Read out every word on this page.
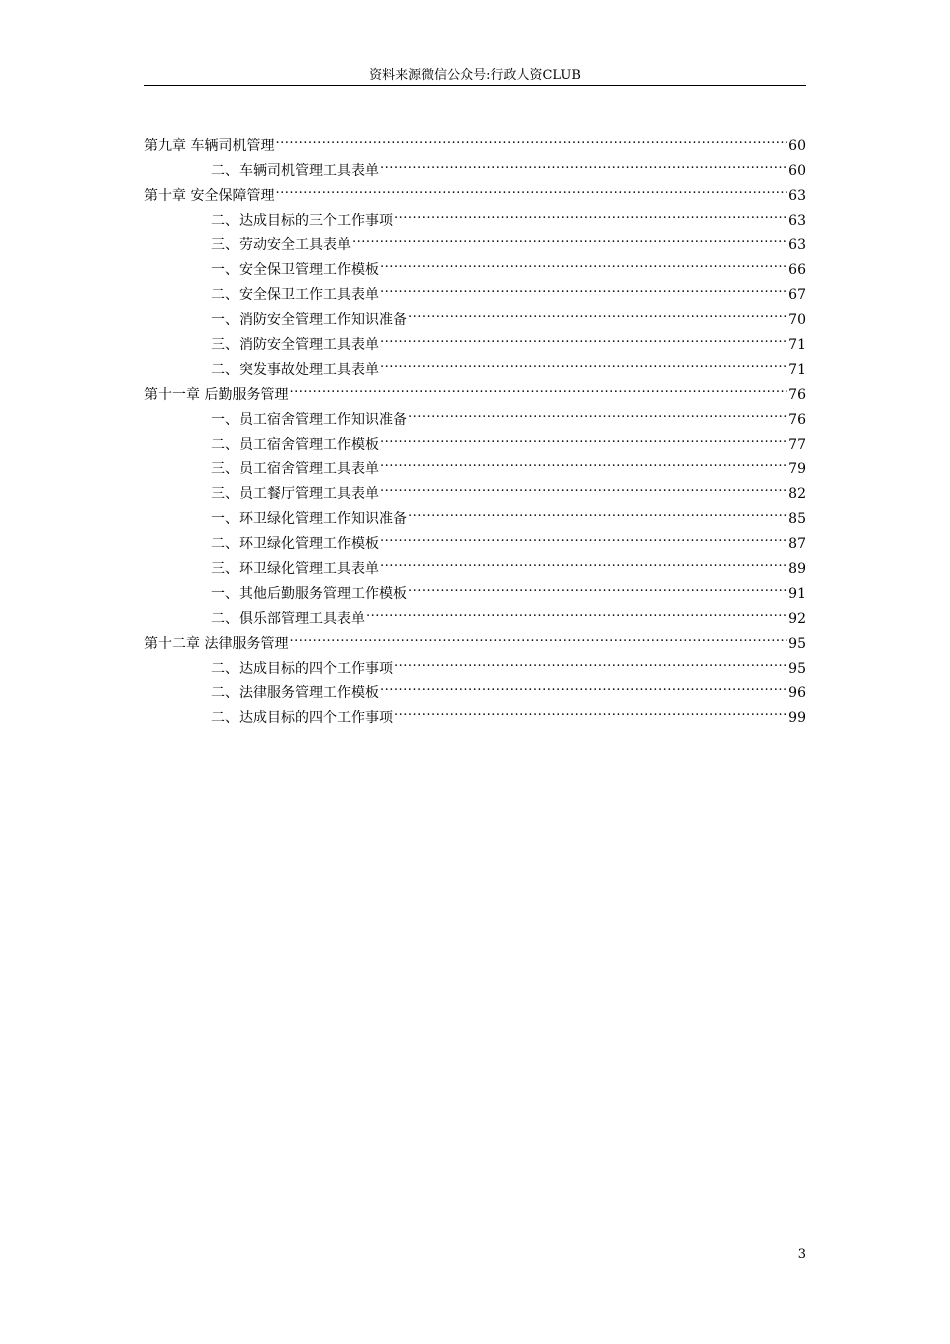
资料来源微信公众号:行政人资CLUB
第九章 车辆司机管理 .....	60
二、车辆司机管理工具表单 .....	60
第十章 安全保障管理 .....	63
二、达成目标的三个工作事项 .....	63
三、劳动安全工具表单 .....	63
一、安全保卫管理工作模板 .....	66
二、安全保卫工作工具表单 .....	67
一、消防安全管理工作知识准备 .....	70
三、消防安全管理工具表单 .....	71
二、突发事故处理工具表单 .....	71
第十一章 后勤服务管理 .....	76
一、员工宿舍管理工作知识准备 .....	76
二、员工宿舍管理工作模板 .....	77
三、员工宿舍管理工具表单 .....	79
三、员工餐厅管理工具表单 .....	82
一、环卫绿化管理工作知识准备 .....	85
二、环卫绿化管理工作模板 .....	87
三、环卫绿化管理工具表单 .....	89
一、其他后勤服务管理工作模板 .....	91
二、俱乐部管理工具表单 .....	92
第十二章 法律服务管理 .....	95
二、达成目标的四个工作事项 .....	95
二、法律服务管理工作模板 .....	96
二、达成目标的四个工作事项 .....	99
3
